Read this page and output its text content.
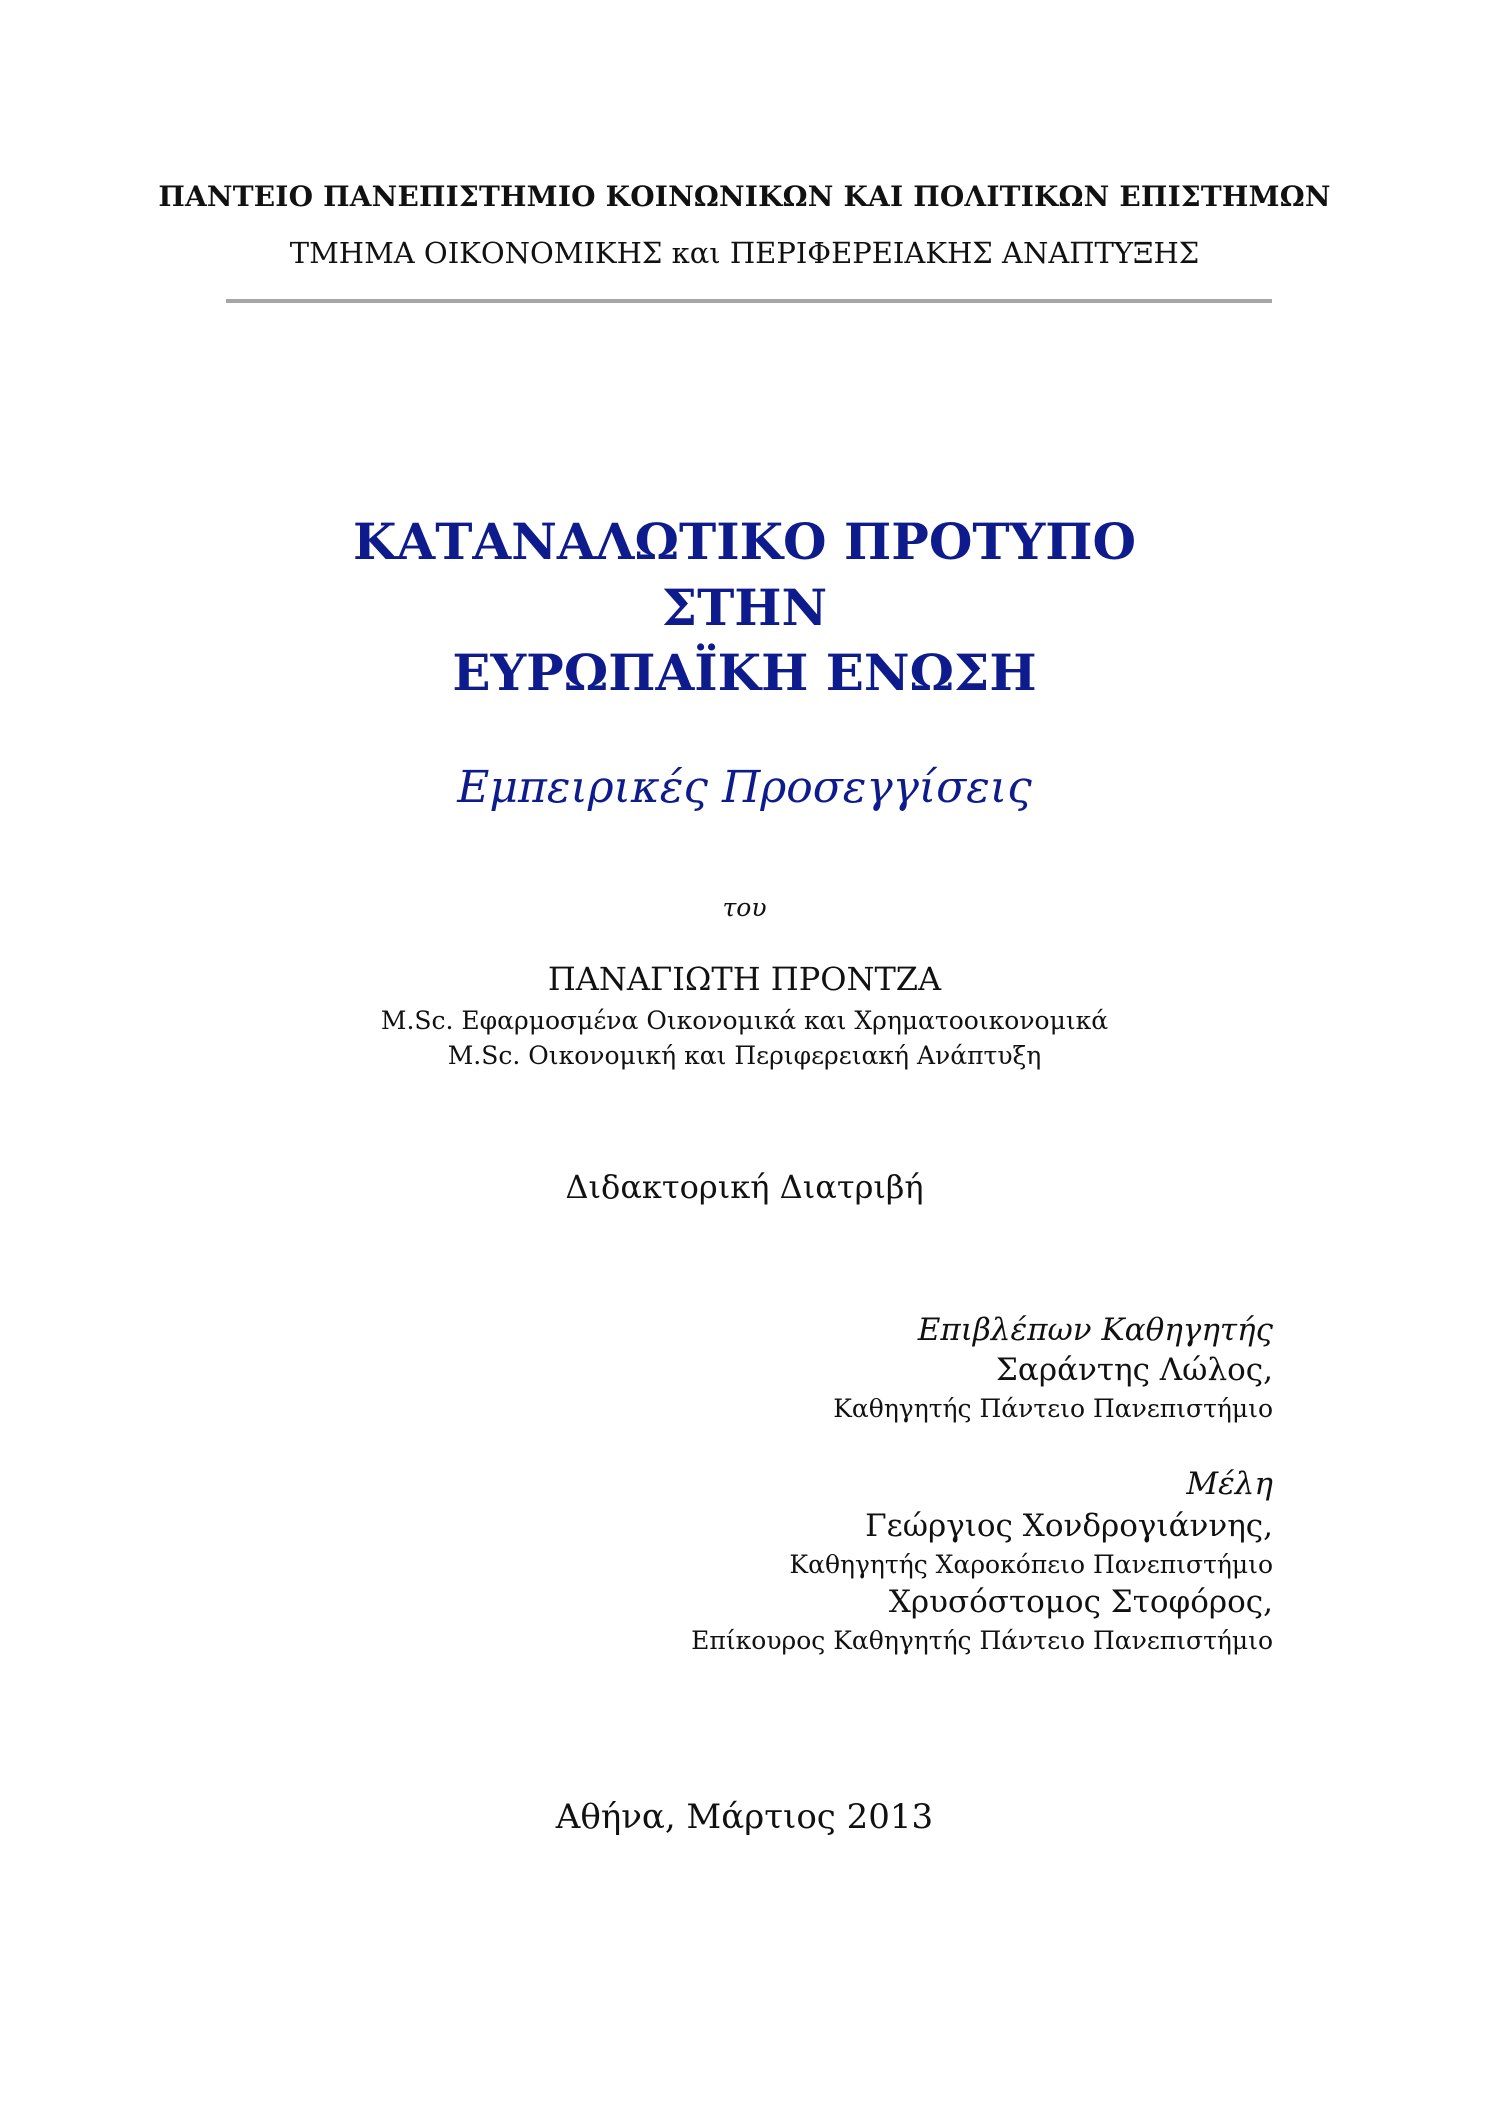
ΠΑΝΤΕΙΟ ΠΑΝΕΠΙΣΤΗΜΙΟ ΚΟΙΝΩΝΙΚΩΝ ΚΑΙ ΠΟΛΙΤΙΚΩΝ ΕΠΙΣΤΗΜΩΝ
ΤΜΗΜΑ ΟΙΚΟΝΟΜΙΚΗΣ και ΠΕΡΙΦΕΡΕΙΑΚΗΣ ΑΝΑΠΤΥΞΗΣ
ΚΑΤΑΝΑΛΩΤΙΚΟ ΠΡΟΤΥΠΟ
ΣΤΗΝ
ΕΥΡΩΠΑΪΚΗ ΕΝΩΣΗ
Εμπειρικές Προσεγγίσεις
του
ΠΑΝΑΓΙΩΤΗ ΠΡΟΝΤΖΑ
M.Sc. Εφαρμοσμένα Οικονομικά και Χρηματοοικονομικά
M.Sc. Οικονομική και Περιφερειακή Ανάπτυξη
Διδακτορική Διατριβή
Επιβλέπων Καθηγητής
Σαράντης Λώλος,
Καθηγητής Πάντειο Πανεπιστήμιο
Μέλη
Γεώργιος Χονδρογιάννης,
Καθηγητής Χαροκόπειο Πανεπιστήμιο
Χρυσόστομος Στοφόρος,
Επίκουρος Καθηγητής Πάντειο Πανεπιστήμιο
Αθήνα, Μάρτιος 2013
